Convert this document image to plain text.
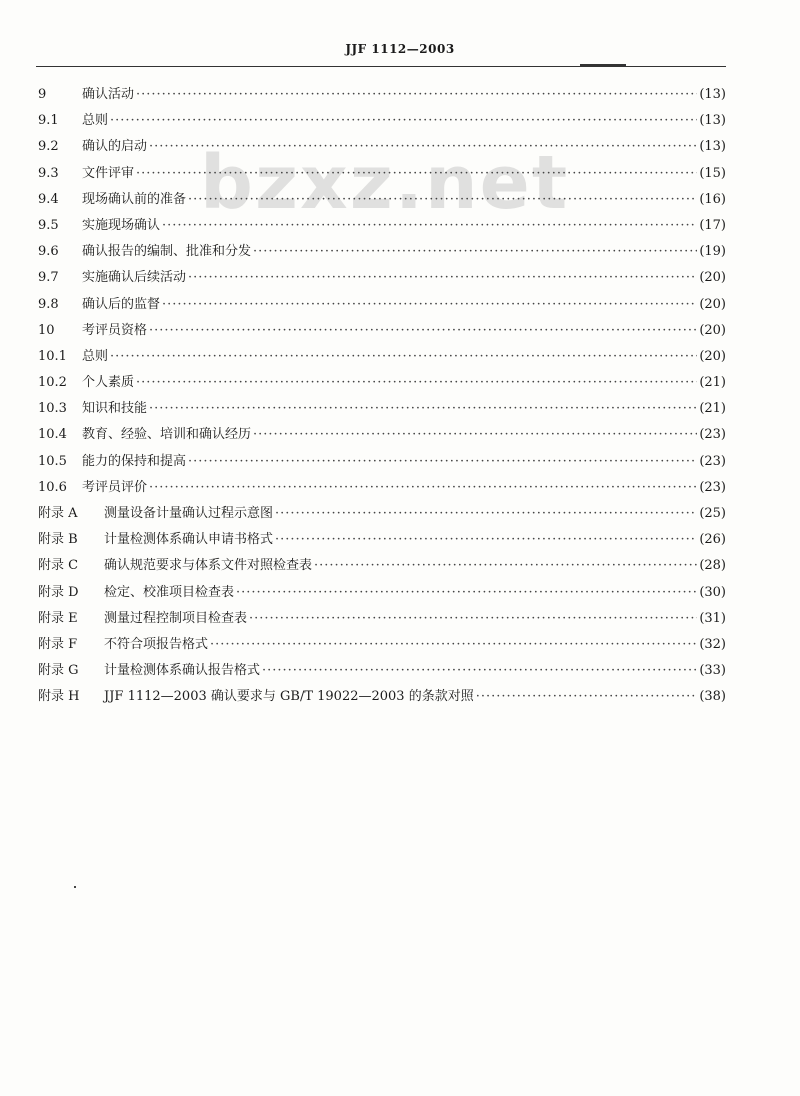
JJF 1112—2003
bzxz.net
9	确认活动 ·····	(13)
9.1	总则 ·····	(13)
9.2	确认的启动 ·····	(13)
9.3	文件评审 ·····	(15)
9.4	现场确认前的准备 ·····	(16)
9.5	实施现场确认 ·····	(17)
9.6	确认报告的编制、批准和分发 ·····	(19)
9.7	实施确认后续活动 ·····	(20)
9.8	确认后的监督 ·····	(20)
10	考评员资格 ·····	(20)
10.1	总则 ·····	(20)
10.2	个人素质 ·····	(21)
10.3	知识和技能 ·····	(21)
10.4	教育、经验、培训和确认经历 ·····	(23)
10.5	能力的保持和提高 ·····	(23)
10.6	考评员评价 ·····	(23)
附录 A	测量设备计量确认过程示意图 ·····	(25)
附录 B	计量检测体系确认申请书格式 ·····	(26)
附录 C	确认规范要求与体系文件对照检查表 ·····	(28)
附录 D	检定、校准项目检查表 ·····	(30)
附录 E	测量过程控制项目检查表 ·····	(31)
附录 F	不符合项报告格式 ·····	(32)
附录 G	计量检测体系确认报告格式 ·····	(33)
附录 H	JJF 1112—2003 确认要求与 GB/T 19022—2003 的条款对照 ·····	(38)
